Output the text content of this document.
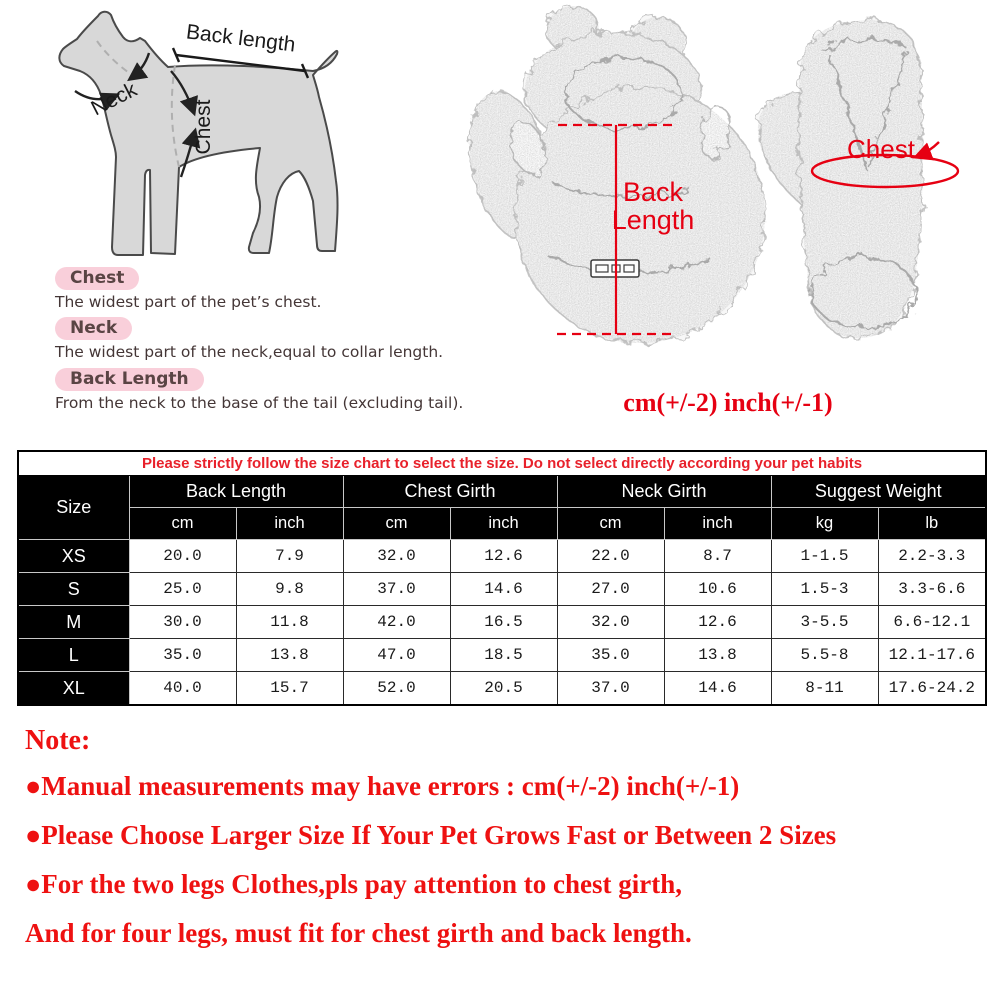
Back length
Neck
Chest
Chest
The widest part of the pet’s chest.
Neck
The widest part of the neck,equal to collar length.
Back Length
From the neck to the base of the tail (excluding tail).
Back
Length
Chest
cm(+/-2) inch(+/-1)
Please strictly follow the size chart to select the size. Do not select directly according your pet habits								
Size	Back Length		Chest Girth		Neck Girth		Suggest Weight	
	cm	inch	cm	inch	cm	inch	kg	lb
XS	20.0	7.9	32.0	12.6	22.0	8.7	1-1.5	2.2-3.3
S	25.0	9.8	37.0	14.6	27.0	10.6	1.5-3	3.3-6.6
M	30.0	11.8	42.0	16.5	32.0	12.6	3-5.5	6.6-12.1
L	35.0	13.8	47.0	18.5	35.0	13.8	5.5-8	12.1-17.6
XL	40.0	15.7	52.0	20.5	37.0	14.6	8-11	17.6-24.2
Note:
●Manual measurements may have errors : cm(+/-2) inch(+/-1)
●Please Choose Larger Size If Your Pet Grows Fast or Between 2 Sizes
●For the two legs Clothes,pls pay attention to chest girth,
And for four legs, must fit for chest girth and back length.
